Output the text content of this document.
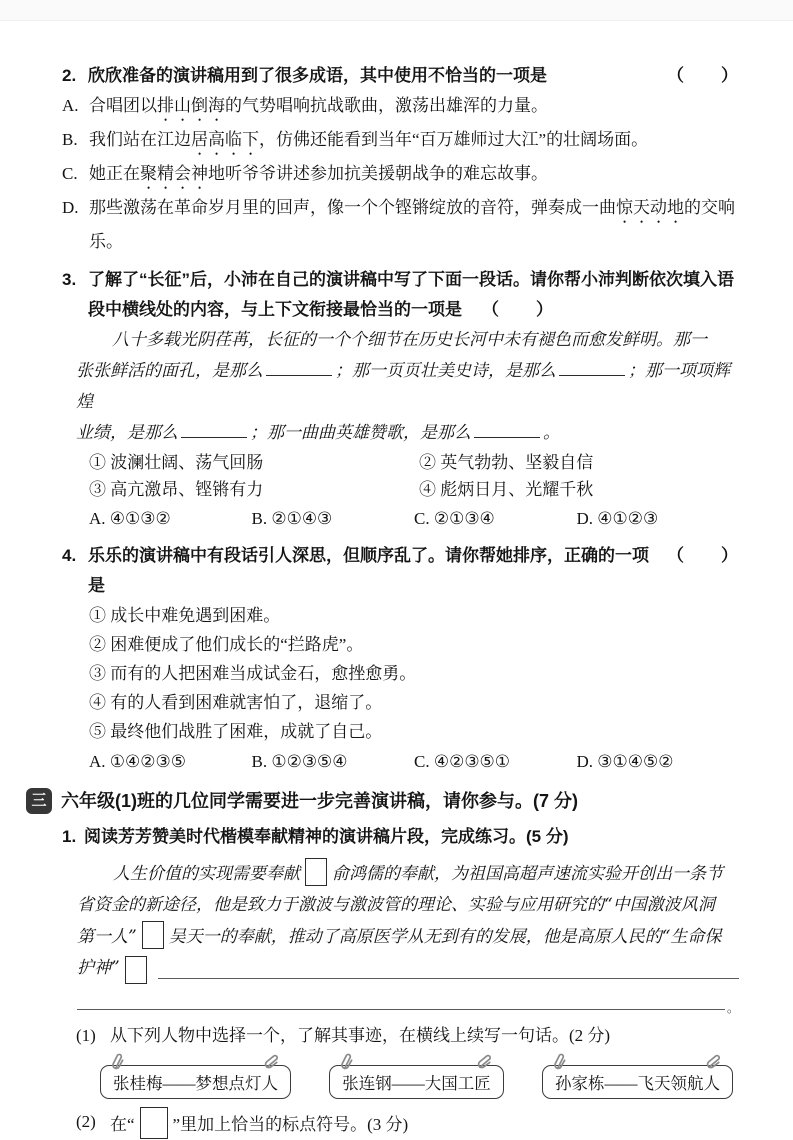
2. 欣欣准备的演讲稿用到了很多成语，其中使用不恰当的一项是	（　　）
A. 合唱团以排山倒海的气势唱响抗战歌曲，激荡出雄浑的力量。
B. 我们站在江边居高临下，仿佛还能看到当年“百万雄师过大江”的壮阔场面。
C. 她正在聚精会神地听爷爷讲述参加抗美援朝战争的难忘故事。
D. 那些激荡在革命岁月里的回声，像一个个铿锵绽放的音符，弹奏成一曲惊天动地的交响乐。
3. 了解了“长征”后，小沛在自己的演讲稿中写了下面一段话。请你帮小沛判断依次填入语段中横线处的内容，与上下文衔接最恰当的一项是 （　　）
八十多载光阴荏苒，长征的一个个细节在历史长河中未有褪色而愈发鲜明。那一
张张鲜活的面孔，是那么	；那一页页壮美史诗，是那么	；那一项项辉煌
业绩，是那么	；那一曲曲英雄赞歌，是那么	。
① 波澜壮阔、荡气回肠	② 英气勃勃、坚毅自信
③ 高亢激昂、铿锵有力	④ 彪炳日月、光耀千秋
A. ④①③②	B. ②①④③	C. ②①③④	D. ④①②③
4. 乐乐的演讲稿中有段话引人深思，但顺序乱了。请你帮她排序，正确的一项是
（　　）
① 成长中难免遇到困难。
② 困难便成了他们成长的“拦路虎”。
③ 而有的人把困难当成试金石，愈挫愈勇。
④ 有的人看到困难就害怕了，退缩了。
⑤ 最终他们战胜了困难，成就了自己。
A. ①④②③⑤	B. ①②③⑤④	C. ④②③⑤①	D. ③①④⑤②
三 六年级(1)班的几位同学需要进一步完善演讲稿，请你参与。(7 分)
1. 阅读芳芳赞美时代楷模奉献精神的演讲稿片段，完成练习。(5 分)
人生价值的实现需要奉献 俞鸿儒的奉献，为祖国高超声速流实验开创出一条节
省资金的新途径，他是致力于激波与激波管的理论、实验与应用研究的“中国激波风洞
第一人” 吴天一的奉献，推动了高原医学从无到有的发展，他是高原人民的“生命保
护神”
。
(1) 从下列人物中选择一个，了解其事迹，在横线上续写一句话。(2 分)
张桂梅——梦想点灯人	张连钢——大国工匠	孙家栋——飞天领航人
(2) 在“ ”里加上恰当的标点符号。(3 分)
